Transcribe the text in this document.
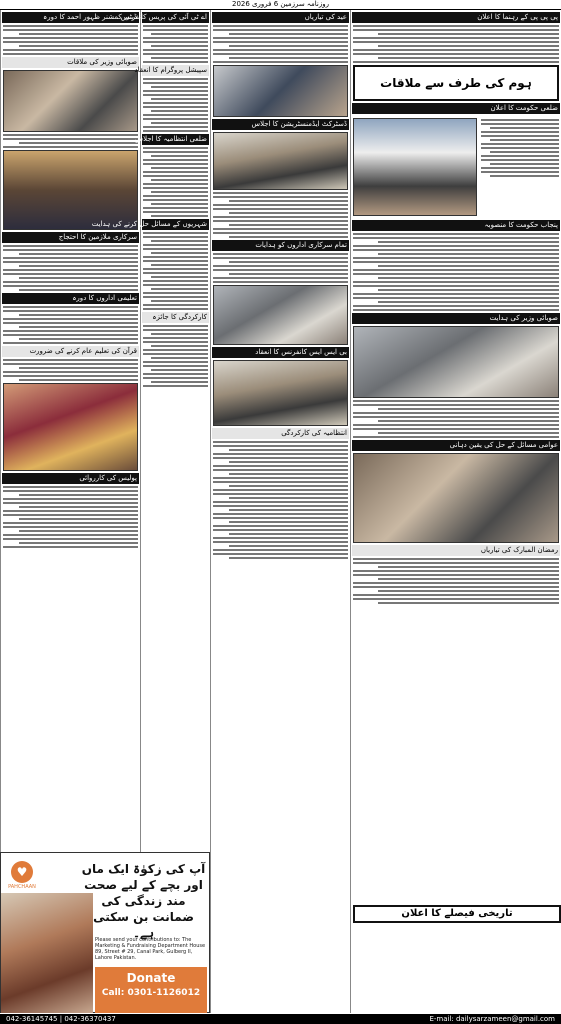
روزنامہ سرزمین 6 فروری 2026
ڈپٹی کمشنر ظہور احمد کا دورہ
صوبائی وزیر کی ملاقات
سرکاری ملازمین کا احتجاج
تعلیمی اداروں کا دورہ
قرآن کی تعلیم عام کرنے کی ضرورت
پولیس کی کارروائی
اے ٹی آئی کی پریس کانفرنس
سپیشل پروگرام کا انعقاد
ضلعی انتظامیہ کا اجلاس
شہریوں کے مسائل حل کرنے کی ہدایت
کارکردگی کا جائزہ
عید کی تیاریاں
ڈسٹرکٹ ایڈمنسٹریشن کا اجلاس
تمام سرکاری اداروں کو ہدایات
بی ایس ایس کانفرنس کا انعقاد
انتظامیہ کی کارکردگی
پی پی پی کے رہنما کا اعلان
ہوم کی طرف سے ملاقات
ضلعی حکومت کا اعلان
پنجاب حکومت کا منصوبہ
صوبائی وزیر کی ہدایت
عوامی مسائل کے حل کی یقین دہانی
رمضان المبارک کی تیاریاں
تاریخی فیصلے کا اعلان
♥
PAHCHAAN
آپ کی زکوٰۃ ایک ماں اور بچے کے لیے صحت مند زندگی کی ضمانت بن سکتی ہے۔
Please send your contributions to: The Marketing & Fundraising Department House 89, Street # 29, Canal Park, Gulberg II, Lahore Pakistan.
Donate
Call: 0301-1126012
042-36145745 | 042-36370437	E-mail: dailysarzameen@gmail.com
